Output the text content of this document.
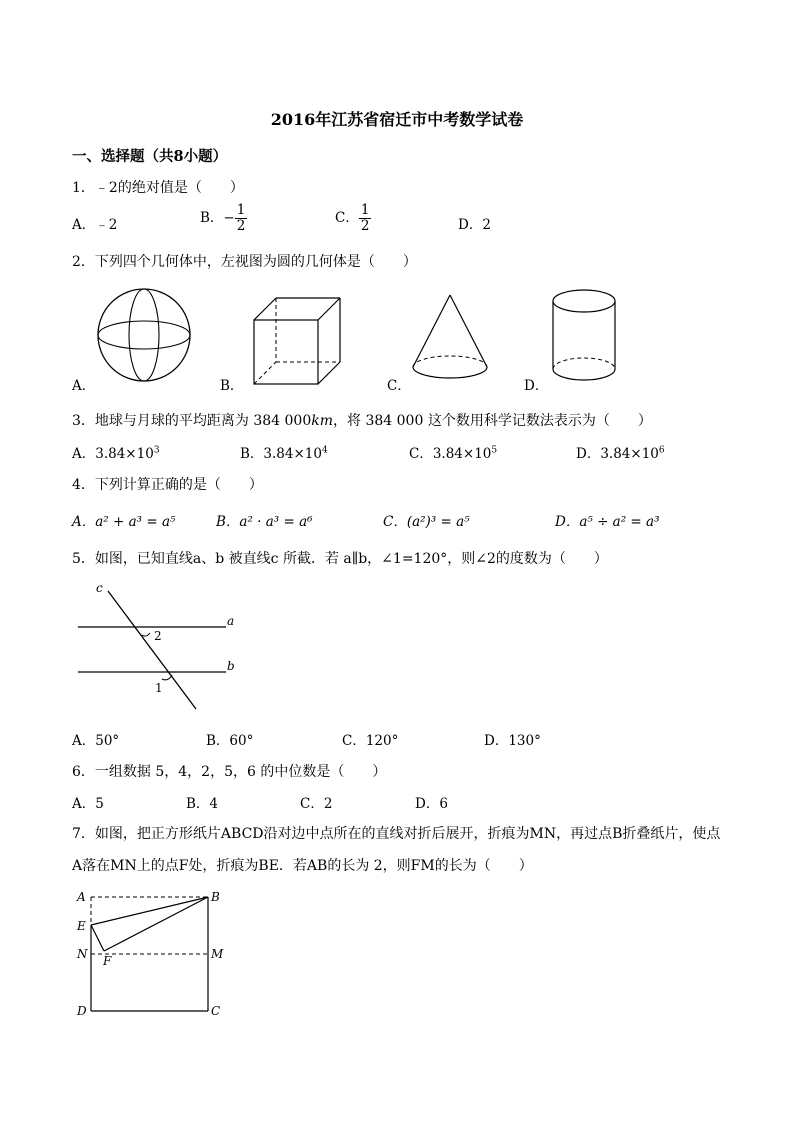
2016年江苏省宿迁市中考数学试卷
一、选择题（共8小题）
1．﹣2的绝对值是（　　）
A．﹣2	B．− $\frac{1}{2}$	C． $\frac{1}{2}$	D．2
2．下列四个几何体中，左视图为圆的几何体是（　　）
A．	B．	C．	D．
3．地球与月球的平均距离为 384 000km，将 384 000 这个数用科学记数法表示为（　　）
A．$3.84\times 10^3$	B．$3.84\times 10^4$	C．$3.84\times 10^5$	D．$3.84\times 10^6$
4．下列计算正确的是（　　）
A．a² + a³ = a⁵	B．a² · a³ = a⁶	C．(a²)³ = a⁵	D．a⁵ ÷ a² = a³
5．如图，已知直线a、b 被直线c 所截．若 a∥b，∠1=120°，则∠2的度数为（　　）
c
a
b
2
1
A．50°	B．60°	C．120°	D．130°
6．一组数据 5，4，2，5，6 的中位数是（　　）
A．5	B．4	C．2	D．6
7．如图，把正方形纸片ABCD沿对边中点所在的直线对折后展开，折痕为MN，再过点B折叠纸片，使点
A落在MN上的点F处，折痕为BE．若AB的长为 2，则FM的长为（　　）
A	B
E
N	M
F
D	C
